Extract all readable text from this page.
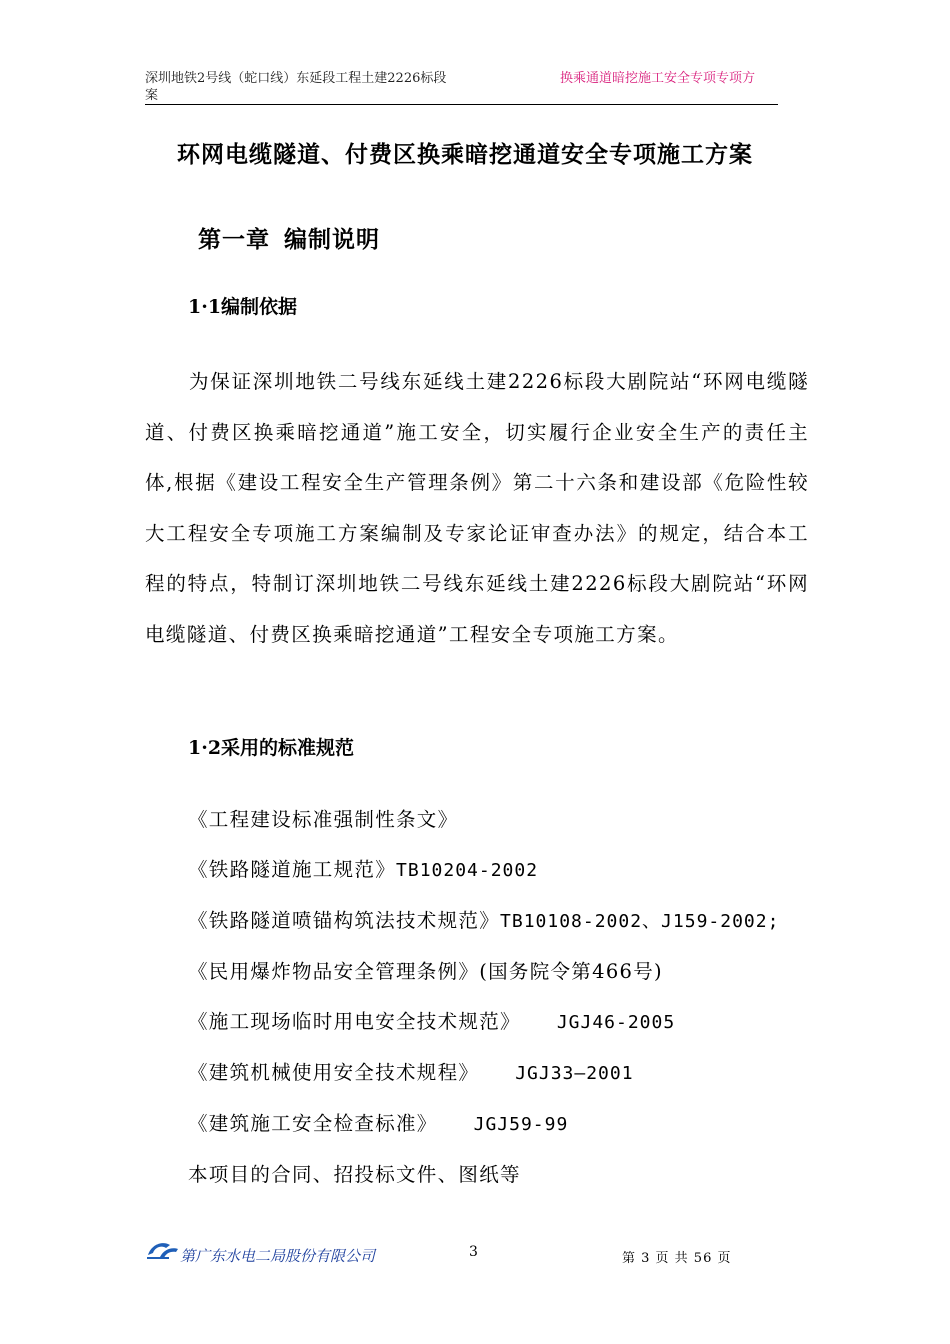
深圳地铁2号线（蛇口线）东延段工程土建2226标段
案
换乘通道暗挖施工安全专项专项方
环网电缆隧道、付费区换乘暗挖通道安全专项施工方案
第一章 编制说明
1·1编制依据
为保证深圳地铁二号线东延线土建2226标段大剧院站“环网电缆隧道、付费区换乘暗挖通道”施工安全，切实履行企业安全生产的责任主体,根据《建设工程安全生产管理条例》第二十六条和建设部《危险性较大工程安全专项施工方案编制及专家论证审查办法》的规定，结合本工程的特点，特制订深圳地铁二号线东延线土建2226标段大剧院站“环网电缆隧道、付费区换乘暗挖通道”工程安全专项施工方案。
1·2采用的标准规范
《工程建设标准强制性条文》
《铁路隧道施工规范》TB10204-2002
《铁路隧道喷锚构筑法技术规范》TB10108-2002、J159-2002;
《民用爆炸物品安全管理条例》(国务院令第466号)
《施工现场临时用电安全技术规范》 JGJ46-2005
《建筑机械使用安全技术规程》 JGJ33—2001
《建筑施工安全检查标准》 JGJ59-99
本项目的合同、招投标文件、图纸等
第广东水电二局股份有限公司	3	第 3 页 共 56 页
